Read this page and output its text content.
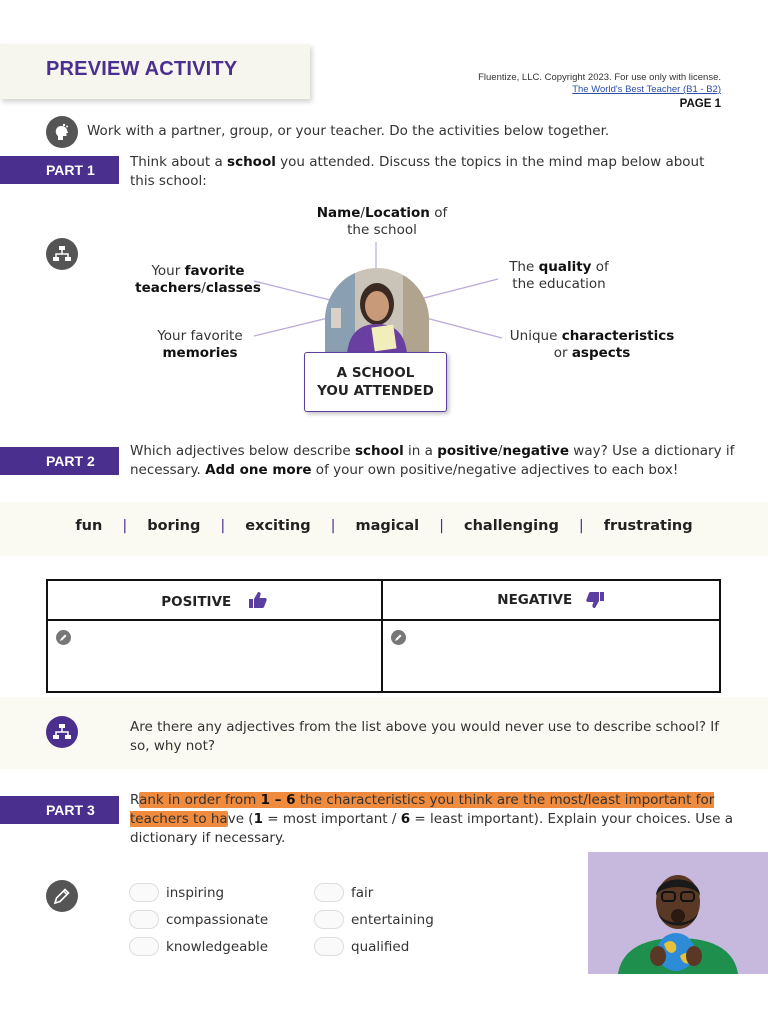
PREVIEW ACTIVITY	Fluentize, LLC. Copyright 2023. For use only with license.
The World's Best Teacher (B1 - B2)
PAGE 1
Work with a partner, group, or your teacher. Do the activities below together.
PART 1	Think about a school you attended. Discuss the topics in the mind map below about this school:
Name/Location of
the school
Your favorite
teachers/classes
Your favorite
memories
The quality of
the education
Unique characteristics
or aspects
A SCHOOL
YOU ATTENDED
PART 2
Which adjectives below describe school in a positive/negative way? Use a dictionary if necessary. Add one more of your own positive/negative adjectives to each box!
fun | boring | exciting | magical | challenging | frustrating
POSITIVE	NEGATIVE

Are there any adjectives from the list above you would never use to describe school? If so, why not?
PART 3
Rank in order from 1 – 6 the characteristics you think are the most/least important for teachers to have (1 = most important / 6 = least important). Explain your choices. Use a dictionary if necessary.
inspiring
compassionate
knowledgeable
fair
entertaining
qualified
